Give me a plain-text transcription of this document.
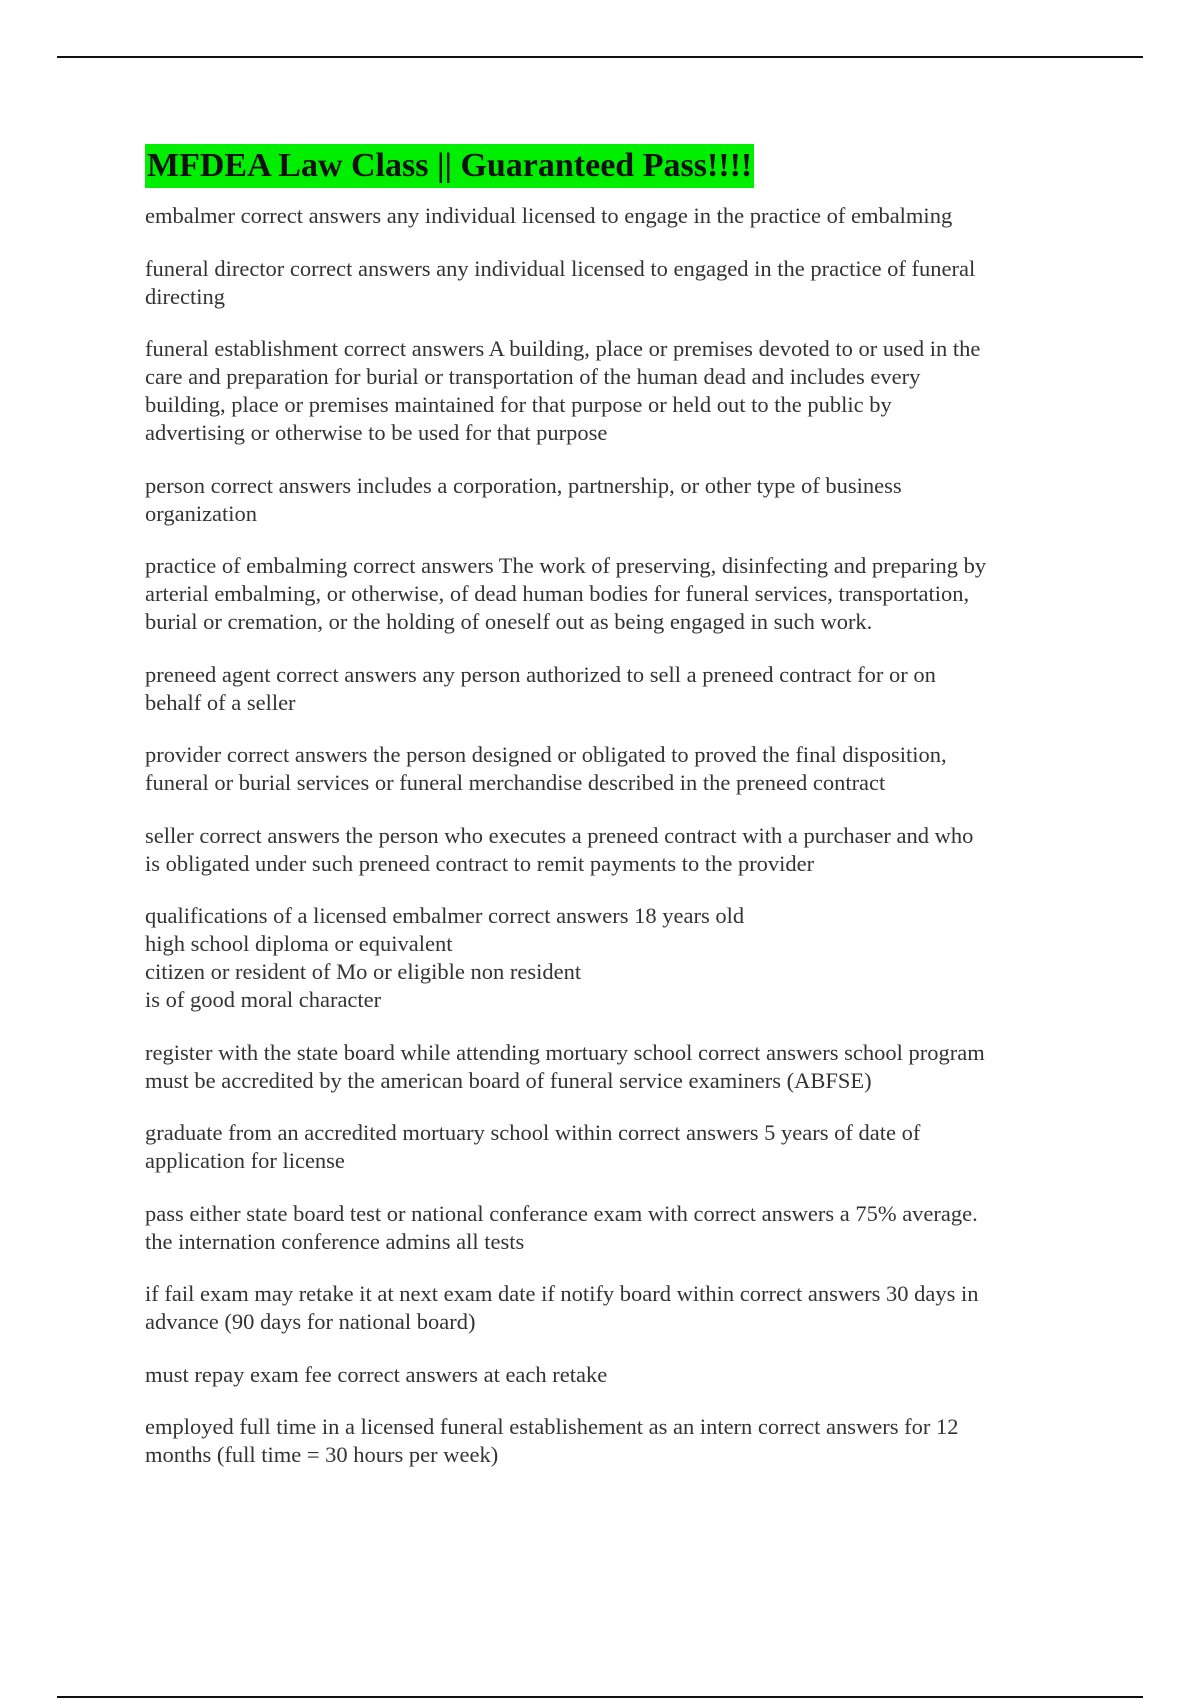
MFDEA Law Class || Guaranteed Pass!!!!
embalmer correct answers any individual licensed to engage in the practice of embalming
funeral director correct answers any individual licensed to engaged in the practice of funeral
directing
funeral establishment correct answers A building, place or premises devoted to or used in the
care and preparation for burial or transportation of the human dead and includes every
building, place or premises maintained for that purpose or held out to the public by
advertising or otherwise to be used for that purpose
person correct answers includes a corporation, partnership, or other type of business
organization
practice of embalming correct answers The work of preserving, disinfecting and preparing by
arterial embalming, or otherwise, of dead human bodies for funeral services, transportation,
burial or cremation, or the holding of oneself out as being engaged in such work.
preneed agent correct answers any person authorized to sell a preneed contract for or on
behalf of a seller
provider correct answers the person designed or obligated to proved the final disposition,
funeral or burial services or funeral merchandise described in the preneed contract
seller correct answers the person who executes a preneed contract with a purchaser and who
is obligated under such preneed contract to remit payments to the provider
qualifications of a licensed embalmer correct answers 18 years old
high school diploma or equivalent
citizen or resident of Mo or eligible non resident
is of good moral character
register with the state board while attending mortuary school correct answers school program
must be accredited by the american board of funeral service examiners (ABFSE)
graduate from an accredited mortuary school within correct answers 5 years of date of
application for license
pass either state board test or national conferance exam with correct answers a 75% average.
the internation conference admins all tests
if fail exam may retake it at next exam date if notify board within correct answers 30 days in
advance (90 days for national board)
must repay exam fee correct answers at each retake
employed full time in a licensed funeral establishement as an intern correct answers for 12
months (full time = 30 hours per week)
